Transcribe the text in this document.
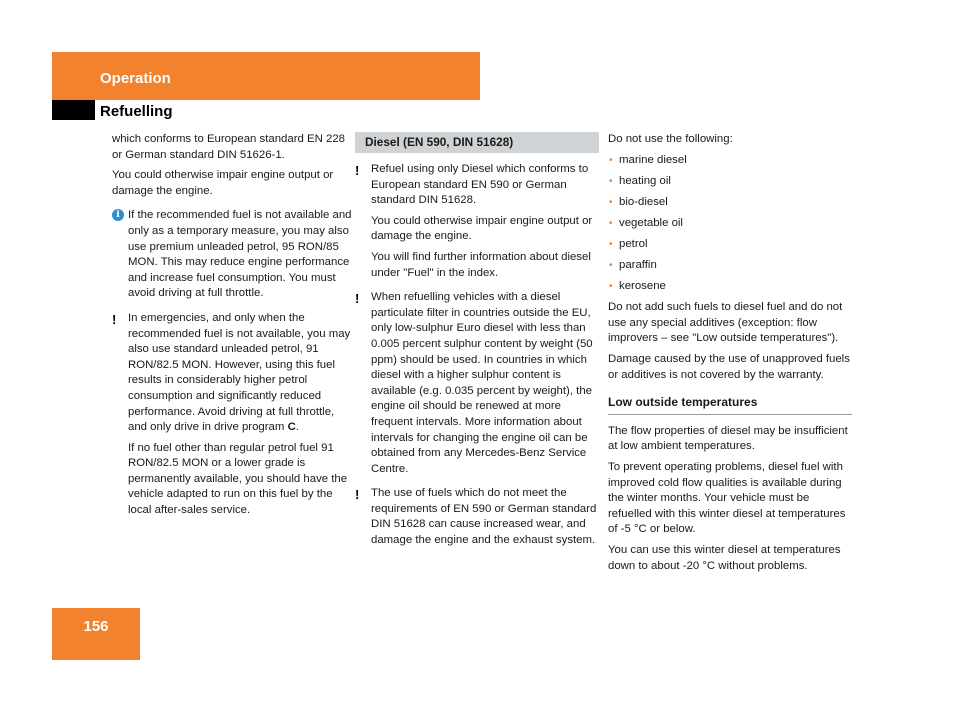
Operation
Refuelling

which conforms to European standard EN 228 or German standard DIN 51626-1.

You could otherwise impair engine output or damage the engine.

i If the recommended fuel is not available and only as a temporary measure, you may also use premium unleaded petrol, 95 RON/85 MON. This may reduce engine performance and increase fuel consumption. You must avoid driving at full throttle.

!	In emergencies, and only when the recommended fuel is not available, you may also use standard unleaded petrol, 91 RON/82.5 MON. However, using this fuel results in considerably higher petrol consumption and significantly reduced performance. Avoid driving at full throttle, and only drive in drive program C.

If no fuel other than regular petrol fuel 91 RON/82.5 MON or a lower grade is permanently available, you should have the vehicle adapted to run on this fuel by the local after-sales service.

Diesel (EN 590, DIN 51628)
!	Refuel using only Diesel which conforms to European standard EN 590 or German standard DIN 51628.

You could otherwise impair engine output or damage the engine.

You will find further information about diesel under "Fuel" in the index.

!	When refuelling vehicles with a diesel particulate filter in countries outside the EU, only low-sulphur Euro diesel with less than 0.005 percent sulphur content by weight (50 ppm) should be used. In countries in which diesel with a higher sulphur content is available (e.g. 0.035 percent by weight), the engine oil should be renewed at more frequent intervals. More information about intervals for changing the engine oil can be obtained from any Mercedes-Benz Service Centre.

!	The use of fuels which do not meet the requirements of EN 590 or German standard DIN 51628 can cause increased wear, and damage the engine and the exhaust system.

Do not use the following:

• marine diesel
• heating oil
• bio-diesel
• vegetable oil
• petrol
• paraffin
• kerosene

Do not add such fuels to diesel fuel and do not use any special additives (exception: flow improvers – see "Low outside temperatures").

Damage caused by the use of unapproved fuels or additives is not covered by the warranty.

Low outside temperatures

The flow properties of diesel may be insufficient at low ambient temperatures.

To prevent operating problems, diesel fuel with improved cold flow qualities is available during the winter months. Your vehicle must be refuelled with this winter diesel at temperatures of -5 °C or below.

You can use this winter diesel at temperatures down to about -20 °C without problems.

156
